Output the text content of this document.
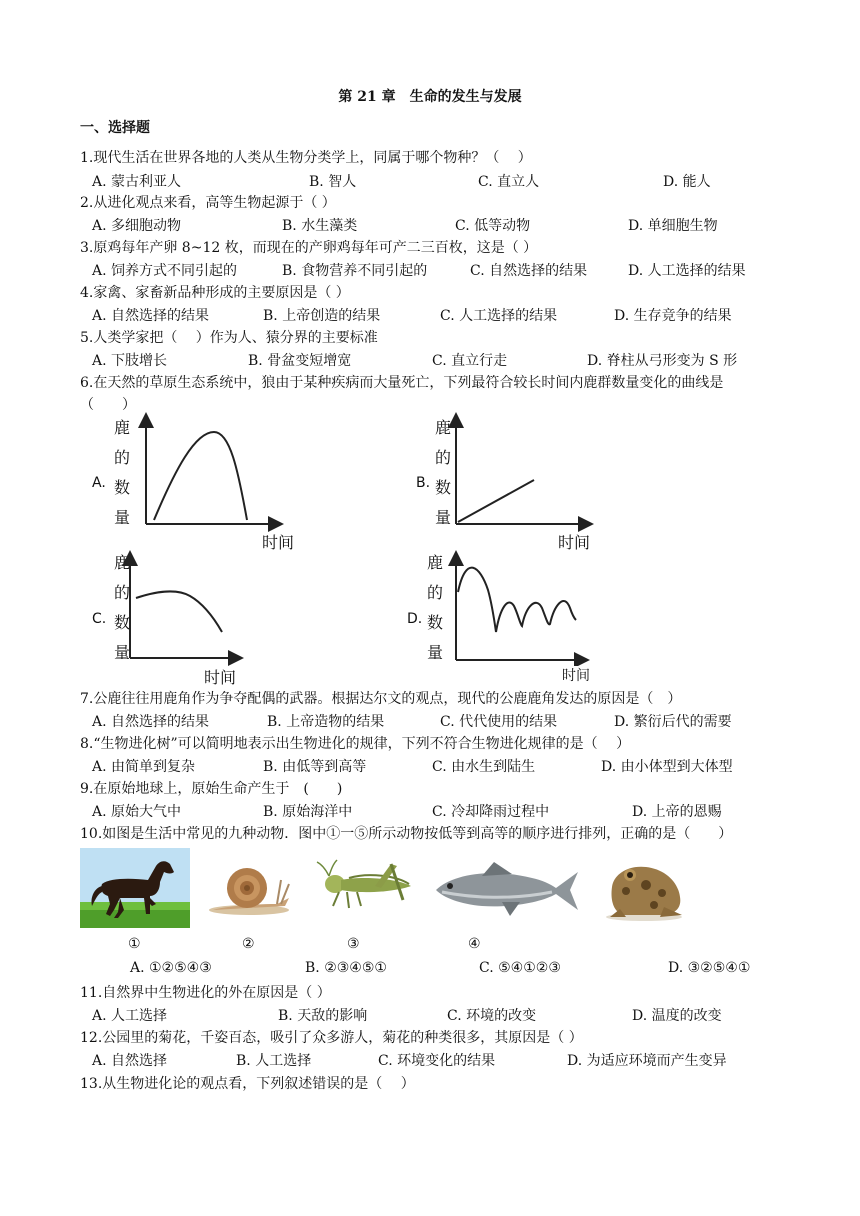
第 21 章　生命的发生与发展
一、选择题
1.现代生活在世界各地的人类从生物分类学上，同属于哪个物种？（　 ）
A. 蒙古利亚人	B. 智人	C. 直立人	D. 能人
2.从进化观点来看，高等生物起源于（ ）
A. 多细胞动物	B. 水生藻类	C. 低等动物	D. 单细胞生物
3.原鸡每年产卵 8~12 枚，而现在的产卵鸡每年可产二三百枚，这是（ ）
A. 饲养方式不同引起的	B. 食物营养不同引起的	C. 自然选择的结果	D. 人工选择的结果
4.家禽、家畜新品种形成的主要原因是（ ）
A. 自然选择的结果	B. 上帝创造的结果	C. 人工选择的结果	D. 生存竞争的结果
5.人类学家把（　 ）作为人、猿分界的主要标准
A. 下肢增长	B. 骨盆变短增宽	C. 直立行走	D. 脊柱从弓形变为 S 形
6.在天然的草原生态系统中，狼由于某种疾病而大量死亡，下列最符合较长时间内鹿群数量变化的曲线是
（　　）
A.
鹿
的
数
量
时间
B.
鹿
的
数
量
时间
C.
鹿
的
数
量
时间
D.
鹿
的
数
量
时间
7.公鹿往往用鹿角作为争夺配偶的武器。根据达尔文的观点，现代的公鹿鹿角发达的原因是（　）
A. 自然选择的结果	B. 上帝造物的结果	C. 代代使用的结果	D. 繁衍后代的需要
8.“生物进化树”可以简明地表示出生物进化的规律，下列不符合生物进化规律的是（　 ）
A. 由简单到复杂	B. 由低等到高等	C. 由水生到陆生	D. 由小体型到大体型
9.在原始地球上，原始生命产生于　(　　)
A. 原始大气中	B. 原始海洋中	C. 冷却降雨过程中	D. 上帝的恩赐
10.如图是生活中常见的九种动物．图中①一⑤所示动物按低等到高等的顺序进行排列，正确的是（　　）
①	②	③	④
A. ①②⑤④③	B. ②③④⑤①	C. ⑤④①②③	D. ③②⑤④①
11.自然界中生物进化的外在原因是（ ）
A. 人工选择	B. 天敌的影响	C. 环境的改变	D. 温度的改变
12.公园里的菊花，千姿百态，吸引了众多游人，菊花的种类很多，其原因是（ ）
A. 自然选择	B. 人工选择	C. 环境变化的结果	D. 为适应环境而产生变异
13.从生物进化论的观点看，下列叙述错误的是（　 ）
